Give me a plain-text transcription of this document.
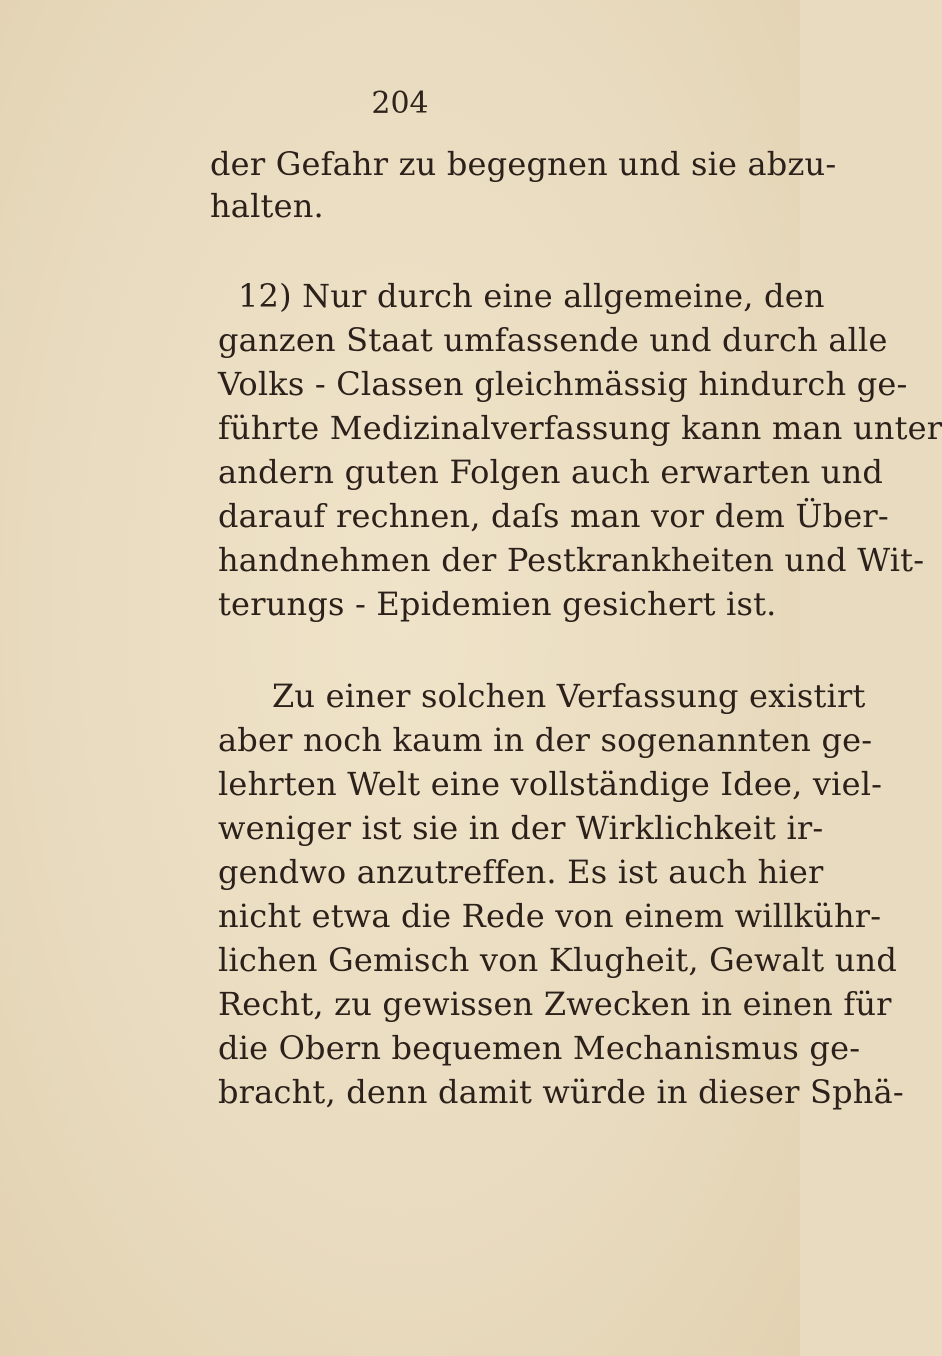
204
der Gefahr zu begegnen und sie abzu-
halten.
12) Nur durch eine allgemeine, den
ganzen Staat umfassende und durch alle
Volks - Classen gleichmässig hindurch ge-
führte Medizinalverfassung kann man unter
andern guten Folgen auch erwarten und
darauf rechnen, daſs man vor dem Über-
handnehmen der Pestkrankheiten und Wit-
terungs - Epidemien gesichert ist.
Zu einer solchen Verfassung existirt
aber noch kaum in der sogenannten ge-
lehrten Welt eine vollständige Idee, viel-
weniger ist sie in der Wirklichkeit ir-
gendwo anzutreffen. Es ist auch hier
nicht etwa die Rede von einem willkühr-
lichen Gemisch von Klugheit, Gewalt und
Recht, zu gewissen Zwecken in einen für
die Obern bequemen Mechanismus ge-
bracht, denn damit würde in dieser Sphä-
